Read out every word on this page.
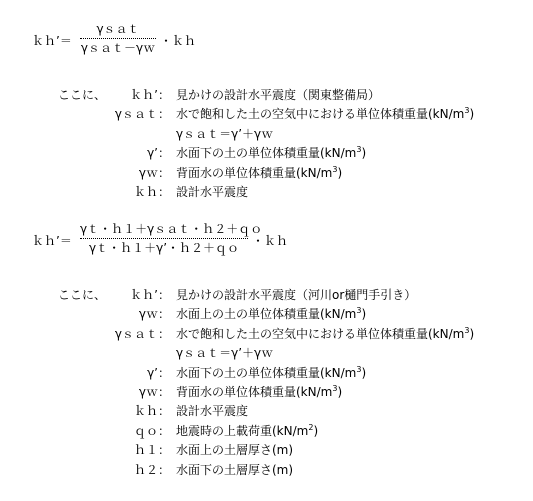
ｋｈ’＝
γｓａｔ
γｓａｔ－γｗ ・ｋｈ
ここに、 ｋｈ’ ： 見かけの設計水平震度（関東整備局）
γｓａｔ ： 水で飽和した土の空気中における単位体積重量$(kN/m^3)$
γｓａｔ＝γ’＋γｗ
γ’ ： 水面下の土の単位体積重量$(kN/m^3)$
γｗ ： 背面水の単位体積重量$(kN/m^3)$
ｋｈ ： 設計水平震度
ｋｈ’＝
γｔ・ｈ１＋γｓａｔ・ｈ２＋ｑｏ
γｔ・ｈ１＋γ’・ｈ２＋ｑｏ	・ｋｈ
ここに、 ｋｈ’ ： 見かけの設計水平震度（河川or樋門手引き）
γｗ ： 水面上の土の単位体積重量$(kN/m^3)$
γｓａｔ ： 水で飽和した土の空気中における単位体積重量$(kN/m^3)$
γｓａｔ＝γ’＋γｗ
γ’ ： 水面下の土の単位体積重量$(kN/m^3)$
γｗ ： 背面水の単位体積重量$(kN/m^3)$
ｋｈ ： 設計水平震度
ｑｏ ： 地震時の上載荷重$(kN/m^2)$
ｈ１ ： 水面上の土層厚さ(m)
ｈ２ ： 水面下の土層厚さ(m)
